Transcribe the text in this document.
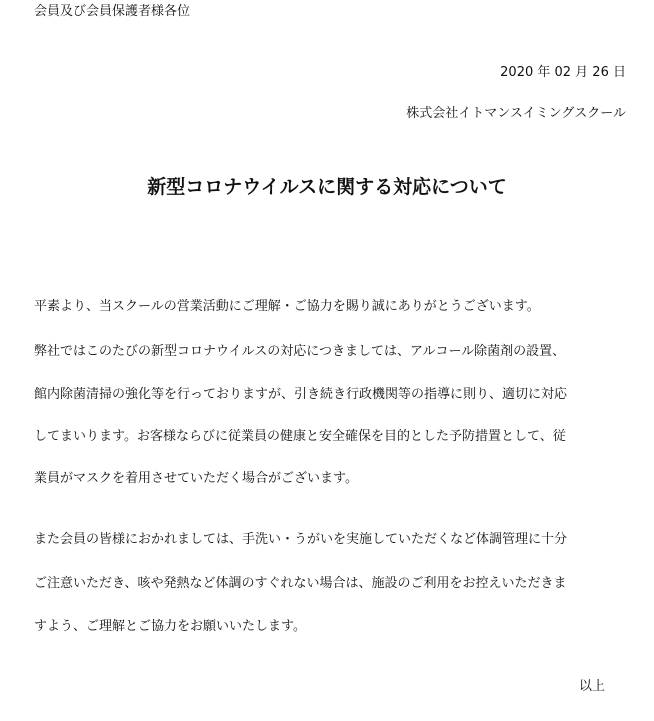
会員及び会員保護者様各位
2020 年 02 月 26 日
株式会社イトマンスイミングスクール
新型コロナウイルスに関する対応について
平素より、当スクールの営業活動にご理解・ご協力を賜り誠にありがとうございます。
弊社ではこのたびの新型コロナウイルスの対応につきましては、アルコール除菌剤の設置、
館内除菌清掃の強化等を行っておりますが、引き続き行政機関等の指導に則り、適切に対応
してまいります。お客様ならびに従業員の健康と安全確保を目的とした予防措置として、従
業員がマスクを着用させていただく場合がございます。
また会員の皆様におかれましては、手洗い・うがいを実施していただくなど体調管理に十分
ご注意いただき、咳や発熱など体調のすぐれない場合は、施設のご利用をお控えいただきま
すよう、ご理解とご協力をお願いいたします。
以上
